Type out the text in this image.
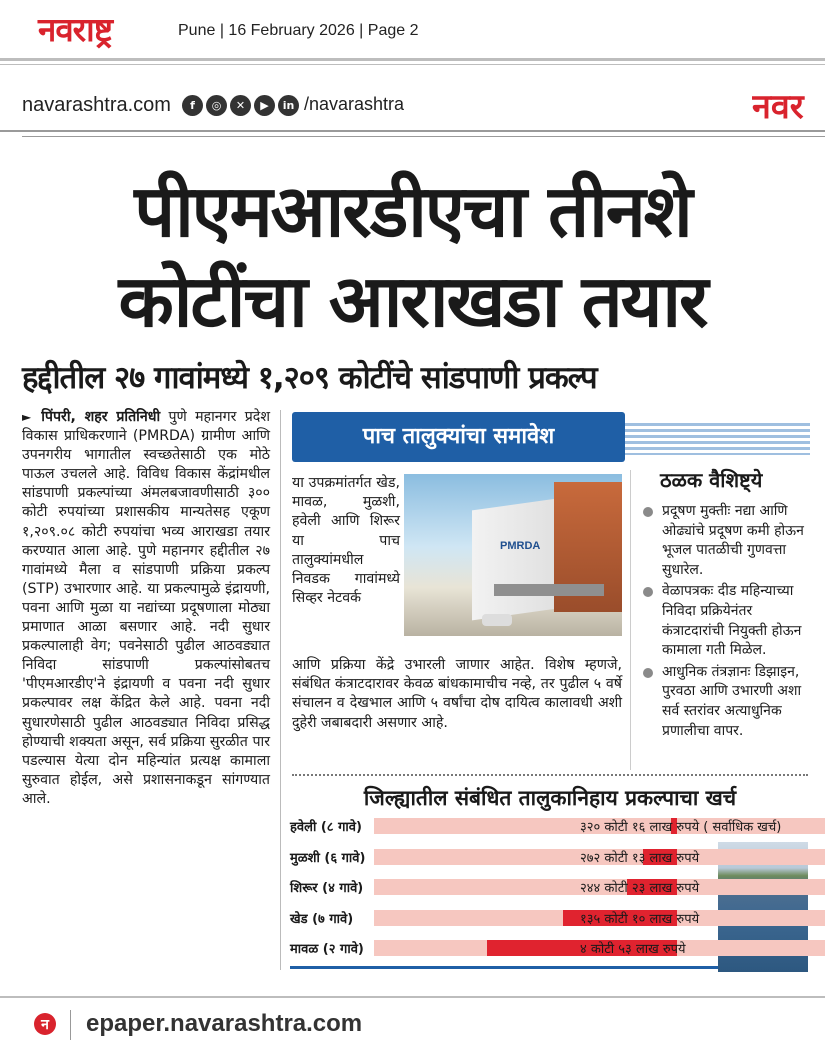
नवराष्ट्र	Pune | 16 February 2026 | Page 2
navarashtra.com	f	◎	✕	▶	in /navarashtra	नवर
पीएमआरडीएचा तीनशे
कोटींचा आराखडा तयार
हद्दीतील २७ गावांमध्ये १,२०९ कोटींचे सांडपाणी प्रकल्प
► पिंपरी, शहर प्रतिनिधी पुणे महानगर प्रदेश विकास प्राधिकरणाने (PMRDA) ग्रामीण आणि उपनगरीय भागातील स्वच्छतेसाठी एक मोठे पाऊल उचलले आहे. विविध विकास केंद्रांमधील सांडपाणी प्रकल्पांच्या अंमलबजावणीसाठी ३०० कोटी रुपयांच्या प्रशासकीय मान्यतेसह एकूण १,२०९.०८ कोटी रुपयांचा भव्य आराखडा तयार करण्यात आला आहे. पुणे महानगर हद्दीतील २७ गावांमध्ये मैला व सांडपाणी प्रक्रिया प्रकल्प (STP) उभारणार आहे. या प्रकल्पामुळे इंद्रायणी, पवना आणि मुळा या नद्यांच्या प्रदूषणाला मोठ्या प्रमाणात आळा बसणार आहे. नदी सुधार प्रकल्पालाही वेग; पवनेसाठी पुढील आठवड्यात निविदा सांडपाणी प्रकल्पांसोबतच 'पीएमआरडीए'ने इंद्रायणी व पवना नदी सुधार प्रकल्पावर लक्ष केंद्रित केले आहे. पवना नदी सुधारणेसाठी पुढील आठवड्यात निविदा प्रसिद्ध होण्याची शक्यता असून, सर्व प्रक्रिया सुरळीत पार पडल्यास येत्या दोन महिन्यांत प्रत्यक्ष कामाला सुरुवात होईल, असे प्रशासनाकडून सांगण्यात आले.
पाच तालुक्यांचा समावेश
या उपक्रमांतर्गत खेड, मावळ, मुळशी, हवेली आणि शिरूर या पाच तालुक्यांमधील निवडक गावांमध्ये सिव्हर नेटवर्क
PMRDA
आणि प्रक्रिया केंद्रे उभारली जाणार आहेत. विशेष म्हणजे, संबंधित कंत्राटदारावर केवळ बांधकामाचीच नव्हे, तर पुढील ५ वर्षे संचालन व देखभाल आणि ५ वर्षांचा दोष दायित्व कालावधी अशी दुहेरी जबाबदारी असणार आहे.
ठळक वैशिष्ट्ये
प्रदूषण मुक्तीः नद्या आणि ओढ्यांचे प्रदूषण कमी होऊन भूजल पातळीची गुणवत्ता सुधारेल.
वेळापत्रकः दीड महिन्याच्या निविदा प्रक्रियेनंतर कंत्राटदारांची नियुक्ती होऊन कामाला गती मिळेल.
आधुनिक तंत्रज्ञानः डिझाइन, पुरवठा आणि उभारणी अशा सर्व स्तरांवर अत्याधुनिक प्रणालीचा वापर.
जिल्ह्यातील संबंधित तालुकानिहाय प्रकल्पाचा खर्च
हवेली (८ गावे)	३२० कोटी १६ लाख रुपये ( सर्वाधिक खर्च)
मुळशी (६ गावे)	२७२ कोटी १३ लाख रुपये
शिरूर (४ गावे)	२४४ कोटी २३ लाख रुपये
खेड (७ गावे)	१३५ कोटी १० लाख रुपये
मावळ (२ गावे)	४ कोटी ५३ लाख रुपये
न epaper.navarashtra.com
